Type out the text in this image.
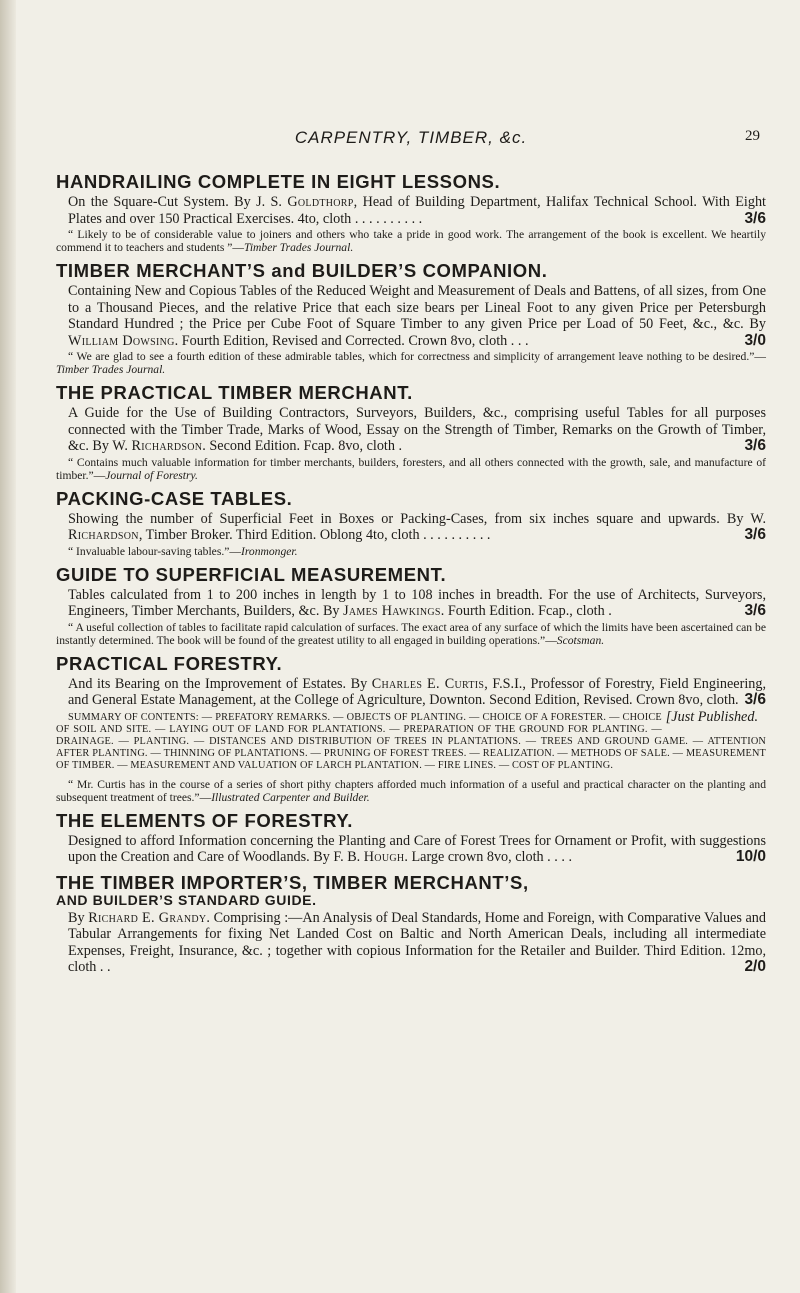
CARPENTRY, TIMBER, &c.	29
HANDRAILING COMPLETE IN EIGHT LESSONS.

On the Square-Cut System. By J. S. Goldthorp, Head of Building Department, Halifax Technical School. With Eight Plates and over 150 Practical Exercises. 4to, cloth . . . . . . . . . .	3/6

“ Likely to be of considerable value to joiners and others who take a pride in good work. The arrangement of the book is excellent. We heartily commend it to teachers and students ”—Timber Trades Journal.

TIMBER MERCHANT’S and BUILDER’S COMPANION.

Containing New and Copious Tables of the Reduced Weight and Measurement of Deals and Battens, of all sizes, from One to a Thousand Pieces, and the relative Price that each size bears per Lineal Foot to any given Price per Petersburgh Standard Hundred ; the Price per Cube Foot of Square Timber to any given Price per Load of 50 Feet, &c., &c. By William Dowsing. Fourth Edition, Revised and Corrected. Crown 8vo, cloth . . .	3/0

“ We are glad to see a fourth edition of these admirable tables, which for correctness and simplicity of arrangement leave nothing to be desired.”—Timber Trades Journal.

THE PRACTICAL TIMBER MERCHANT.

A Guide for the Use of Building Contractors, Surveyors, Builders, &c., comprising useful Tables for all purposes connected with the Timber Trade, Marks of Wood, Essay on the Strength of Timber, Remarks on the Growth of Timber, &c. By W. Richardson. Second Edition. Fcap. 8vo, cloth .	3/6

“ Contains much valuable information for timber merchants, builders, foresters, and all others connected with the growth, sale, and manufacture of timber.”—Journal of Forestry.

PACKING-CASE TABLES.

Showing the number of Superficial Feet in Boxes or Packing-Cases, from six inches square and upwards. By W. Richardson, Timber Broker. Third Edition. Oblong 4to, cloth . . . . . . . . . .	3/6

“ Invaluable labour-saving tables.”—Ironmonger.

GUIDE TO SUPERFICIAL MEASUREMENT.

Tables calculated from 1 to 200 inches in length by 1 to 108 inches in breadth. For the use of Architects, Surveyors, Engineers, Timber Merchants, Builders, &c. By James Hawkings. Fourth Edition. Fcap., cloth .	3/6

“ A useful collection of tables to facilitate rapid calculation of surfaces. The exact area of any surface of which the limits have been ascertained can be instantly determined. The book will be found of the greatest utility to all engaged in building operations.”—Scotsman.

PRACTICAL FORESTRY.

And its Bearing on the Improvement of Estates. By Charles E. Curtis, F.S.I., Professor of Forestry, Field Engineering, and General Estate Management, at the College of Agriculture, Downton. Second Edition, Revised. Crown 8vo, cloth. 3/6
[Just Published.

SUMMARY OF CONTENTS: — PREFATORY REMARKS. — OBJECTS OF PLANTING. — CHOICE OF A FORESTER. — CHOICE OF SOIL AND SITE. — LAYING OUT OF LAND FOR PLANTATIONS. — PREPARATION OF THE GROUND FOR PLANTING. — DRAINAGE. — PLANTING. — DISTANCES AND DISTRIBUTION OF TREES IN PLANTATIONS. — TREES AND GROUND GAME. — ATTENTION AFTER PLANTING. — THINNING OF PLANTATIONS. — PRUNING OF FOREST TREES. — REALIZATION. — METHODS OF SALE. — MEASUREMENT OF TIMBER. — MEASUREMENT AND VALUATION OF LARCH PLANTATION. — FIRE LINES. — COST OF PLANTING.

“ Mr. Curtis has in the course of a series of short pithy chapters afforded much information of a useful and practical character on the planting and subsequent treatment of trees.”—Illustrated Carpenter and Builder.

THE ELEMENTS OF FORESTRY.

Designed to afford Information concerning the Planting and Care of Forest Trees for Ornament or Profit, with suggestions upon the Creation and Care of Woodlands. By F. B. Hough. Large crown 8vo, cloth . . . .	10/0

THE TIMBER IMPORTER’S, TIMBER MERCHANT’S,
AND BUILDER’S STANDARD GUIDE.

By Richard E. Grandy. Comprising :—An Analysis of Deal Standards, Home and Foreign, with Comparative Values and Tabular Arrangements for fixing Net Landed Cost on Baltic and North American Deals, including all intermediate Expenses, Freight, Insurance, &c. ; together with copious Information for the Retailer and Builder. Third Edition. 12mo, cloth . .	2/0
